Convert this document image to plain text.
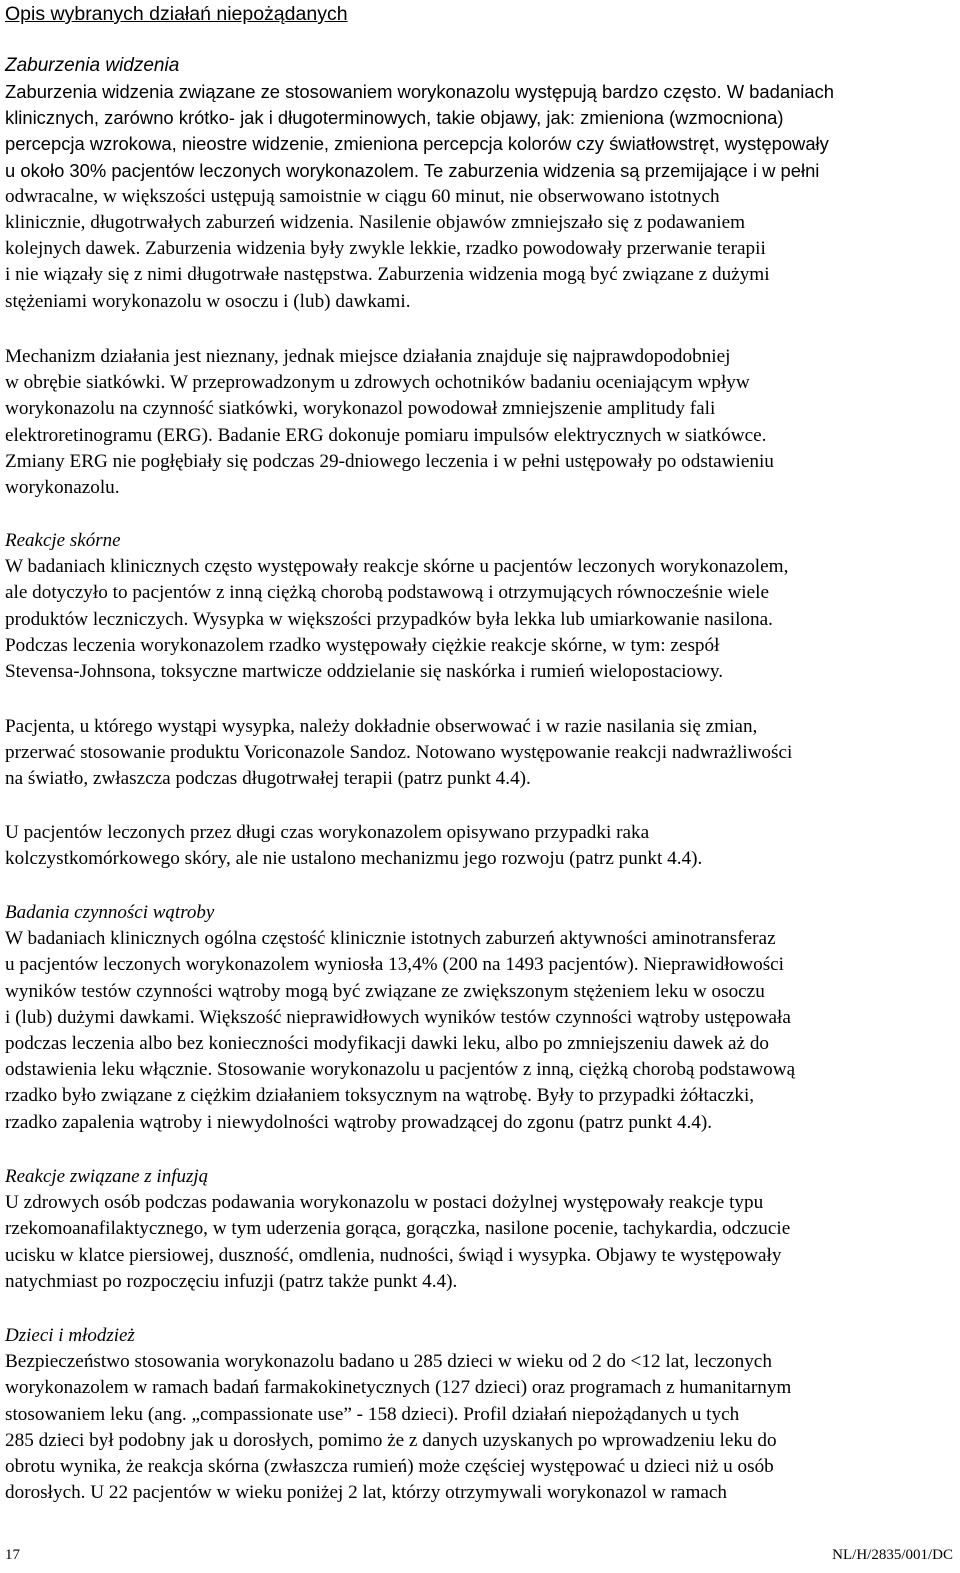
Opis wybranych działań niepożądanych
Zaburzenia widzenia
Zaburzenia widzenia związane ze stosowaniem worykonazolu występują bardzo często. W badaniach
klinicznych, zarówno krótko- jak i długoterminowych, takie objawy, jak: zmieniona (wzmocniona)
percepcja wzrokowa, nieostre widzenie, zmieniona percepcja kolorów czy światłowstręt, występowały
u około 30% pacjentów leczonych worykonazolem. Te zaburzenia widzenia są przemijające i w pełni
odwracalne, w większości ustępują samoistnie w ciągu 60 minut, nie obserwowano istotnych
klinicznie, długotrwałych zaburzeń widzenia. Nasilenie objawów zmniejszało się z podawaniem
kolejnych dawek. Zaburzenia widzenia były zwykle lekkie, rzadko powodowały przerwanie terapii
i nie wiązały się z nimi długotrwałe następstwa. Zaburzenia widzenia mogą być związane z dużymi
stężeniami worykonazolu w osoczu i (lub) dawkami.
Mechanizm działania jest nieznany, jednak miejsce działania znajduje się najprawdopodobniej
w obrębie siatkówki. W przeprowadzonym u zdrowych ochotników badaniu oceniającym wpływ
worykonazolu na czynność siatkówki, worykonazol powodował zmniejszenie amplitudy fali
elektroretinogramu (ERG). Badanie ERG dokonuje pomiaru impulsów elektrycznych w siatkówce.
Zmiany ERG nie pogłębiały się podczas 29-dniowego leczenia i w pełni ustępowały po odstawieniu
worykonazolu.
Reakcje skórne
W badaniach klinicznych często występowały reakcje skórne u pacjentów leczonych worykonazolem,
ale dotyczyło to pacjentów z inną ciężką chorobą podstawową i otrzymujących równocześnie wiele
produktów leczniczych. Wysypka w większości przypadków była lekka lub umiarkowanie nasilona.
Podczas leczenia worykonazolem rzadko występowały ciężkie reakcje skórne, w tym: zespół
Stevensa-Johnsona, toksyczne martwicze oddzielanie się naskórka i rumień wielopostaciowy.
Pacjenta, u którego wystąpi wysypka, należy dokładnie obserwować i w razie nasilania się zmian,
przerwać stosowanie produktu Voriconazole Sandoz. Notowano występowanie reakcji nadwrażliwości
na światło, zwłaszcza podczas długotrwałej terapii (patrz punkt 4.4).
U pacjentów leczonych przez długi czas worykonazolem opisywano przypadki raka
kolczystkomórkowego skóry, ale nie ustalono mechanizmu jego rozwoju (patrz punkt 4.4).
Badania czynności wątroby
W badaniach klinicznych ogólna częstość klinicznie istotnych zaburzeń aktywności aminotransferaz
u pacjentów leczonych worykonazolem wyniosła 13,4% (200 na 1493 pacjentów). Nieprawidłowości
wyników testów czynności wątroby mogą być związane ze zwiększonym stężeniem leku w osoczu
i (lub) dużymi dawkami. Większość nieprawidłowych wyników testów czynności wątroby ustępowała
podczas leczenia albo bez konieczności modyfikacji dawki leku, albo po zmniejszeniu dawek aż do
odstawienia leku włącznie. Stosowanie worykonazolu u pacjentów z inną, ciężką chorobą podstawową
rzadko było związane z ciężkim działaniem toksycznym na wątrobę. Były to przypadki żółtaczki,
rzadko zapalenia wątroby i niewydolności wątroby prowadzącej do zgonu (patrz punkt 4.4).
Reakcje związane z infuzją
U zdrowych osób podczas podawania worykonazolu w postaci dożylnej występowały reakcje typu
rzekomoanafilaktycznego, w tym uderzenia gorąca, gorączka, nasilone pocenie, tachykardia, odczucie
ucisku w klatce piersiowej, duszność, omdlenia, nudności, świąd i wysypka. Objawy te występowały
natychmiast po rozpoczęciu infuzji (patrz także punkt 4.4).
Dzieci i młodzież
Bezpieczeństwo stosowania worykonazolu badano u 285 dzieci w wieku od 2 do <12 lat, leczonych
worykonazolem w ramach badań farmakokinetycznych (127 dzieci) oraz programach z humanitarnym
stosowaniem leku (ang. „compassionate use” - 158 dzieci). Profil działań niepożądanych u tych
285 dzieci był podobny jak u dorosłych, pomimo że z danych uzyskanych po wprowadzeniu leku do
obrotu wynika, że reakcja skórna (zwłaszcza rumień) może częściej występować u dzieci niż u osób
dorosłych. U 22 pacjentów w wieku poniżej 2 lat, którzy otrzymywali worykonazol w ramach
17	NL/H/2835/001/DC
